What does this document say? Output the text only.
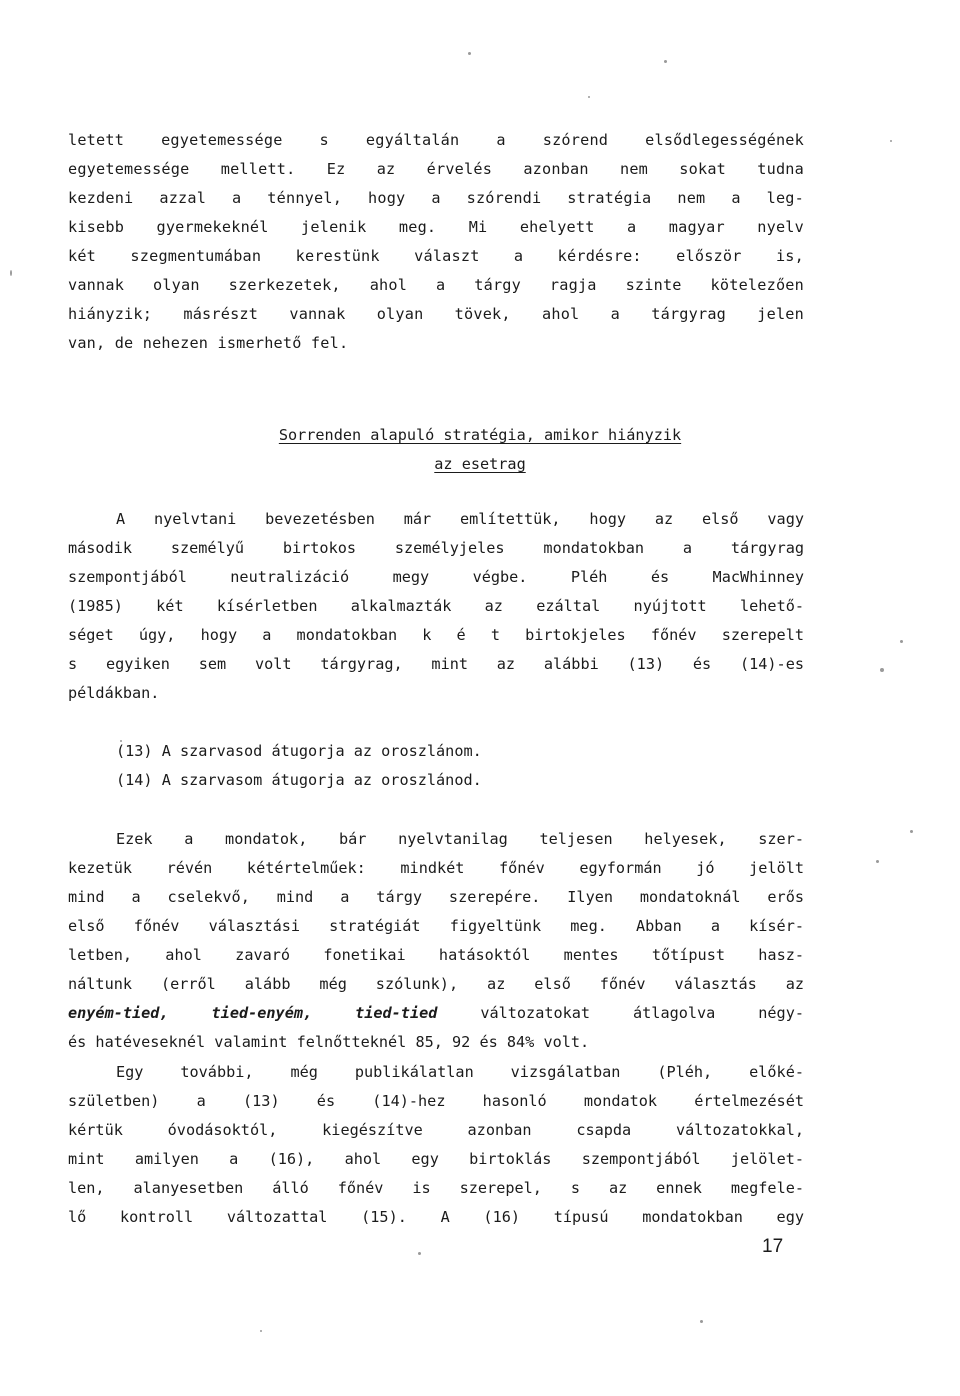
letett egyetemessége s egyáltalán a szórend elsődlegességének
egyetemessége mellett. Ez az érvelés azonban nem sokat tudna
kezdeni azzal a ténnyel, hogy a szórendi stratégia nem a leg-
kisebb gyermekeknél jelenik meg. Mi ehelyett a magyar nyelv
két szegmentumában kerestünk választ a kérdésre: először is,
vannak olyan szerkezetek, ahol a tárgy ragja szinte kötelezően
hiányzik; másrészt vannak olyan tövek, ahol a tárgyrag jelen
van, de nehezen ismerhető fel.
Sorrenden alapuló stratégia, amikor hiányzik
az esetrag
A nyelvtani bevezetésben már említettük, hogy az első vagy
második személyű birtokos személyjeles mondatokban a tárgyrag
szempontjából neutralizáció megy végbe. Pléh és MacWhinney
(1985) két kísérletben alkalmazták az ezáltal nyújtott lehető-
séget úgy, hogy a mondatokban k é t birtokjeles főnév szerepelt
s egyiken sem volt tárgyrag, mint az alábbi (13) és (14)-es
példákban.
(13) A szarvasod átugorja az oroszlánom.
(14) A szarvasom átugorja az oroszlánod.
Ezek a mondatok, bár nyelvtanilag teljesen helyesek, szer-
kezetük révén kétértelműek: mindkét főnév egyformán jó jelölt
mind a cselekvő, mind a tárgy szerepére. Ilyen mondatoknál erős
első főnév választási stratégiát figyeltünk meg. Abban a kísér-
letben, ahol zavaró fonetikai hatásoktól mentes tőtípust hasz-
náltunk (erről alább még szólunk), az első főnév választás az
enyém-tied, tied-enyém, tied-tied változatokat átlagolva négy-
és hatéveseknél valamint felnőtteknél 85, 92 és 84% volt.
Egy további, még publikálatlan vizsgálatban (Pléh, előké-
születben) a (13) és (14)-hez hasonló mondatok értelmezését
kértük óvodásoktól, kiegészítve azonban csapda változatokkal,
mint amilyen a (16), ahol egy birtoklás szempontjából jelölet-
len, alanyesetben álló főnév is szerepel, s az ennek megfele-
lő kontroll változattal (15). A (16) típusú mondatokban egy
17
